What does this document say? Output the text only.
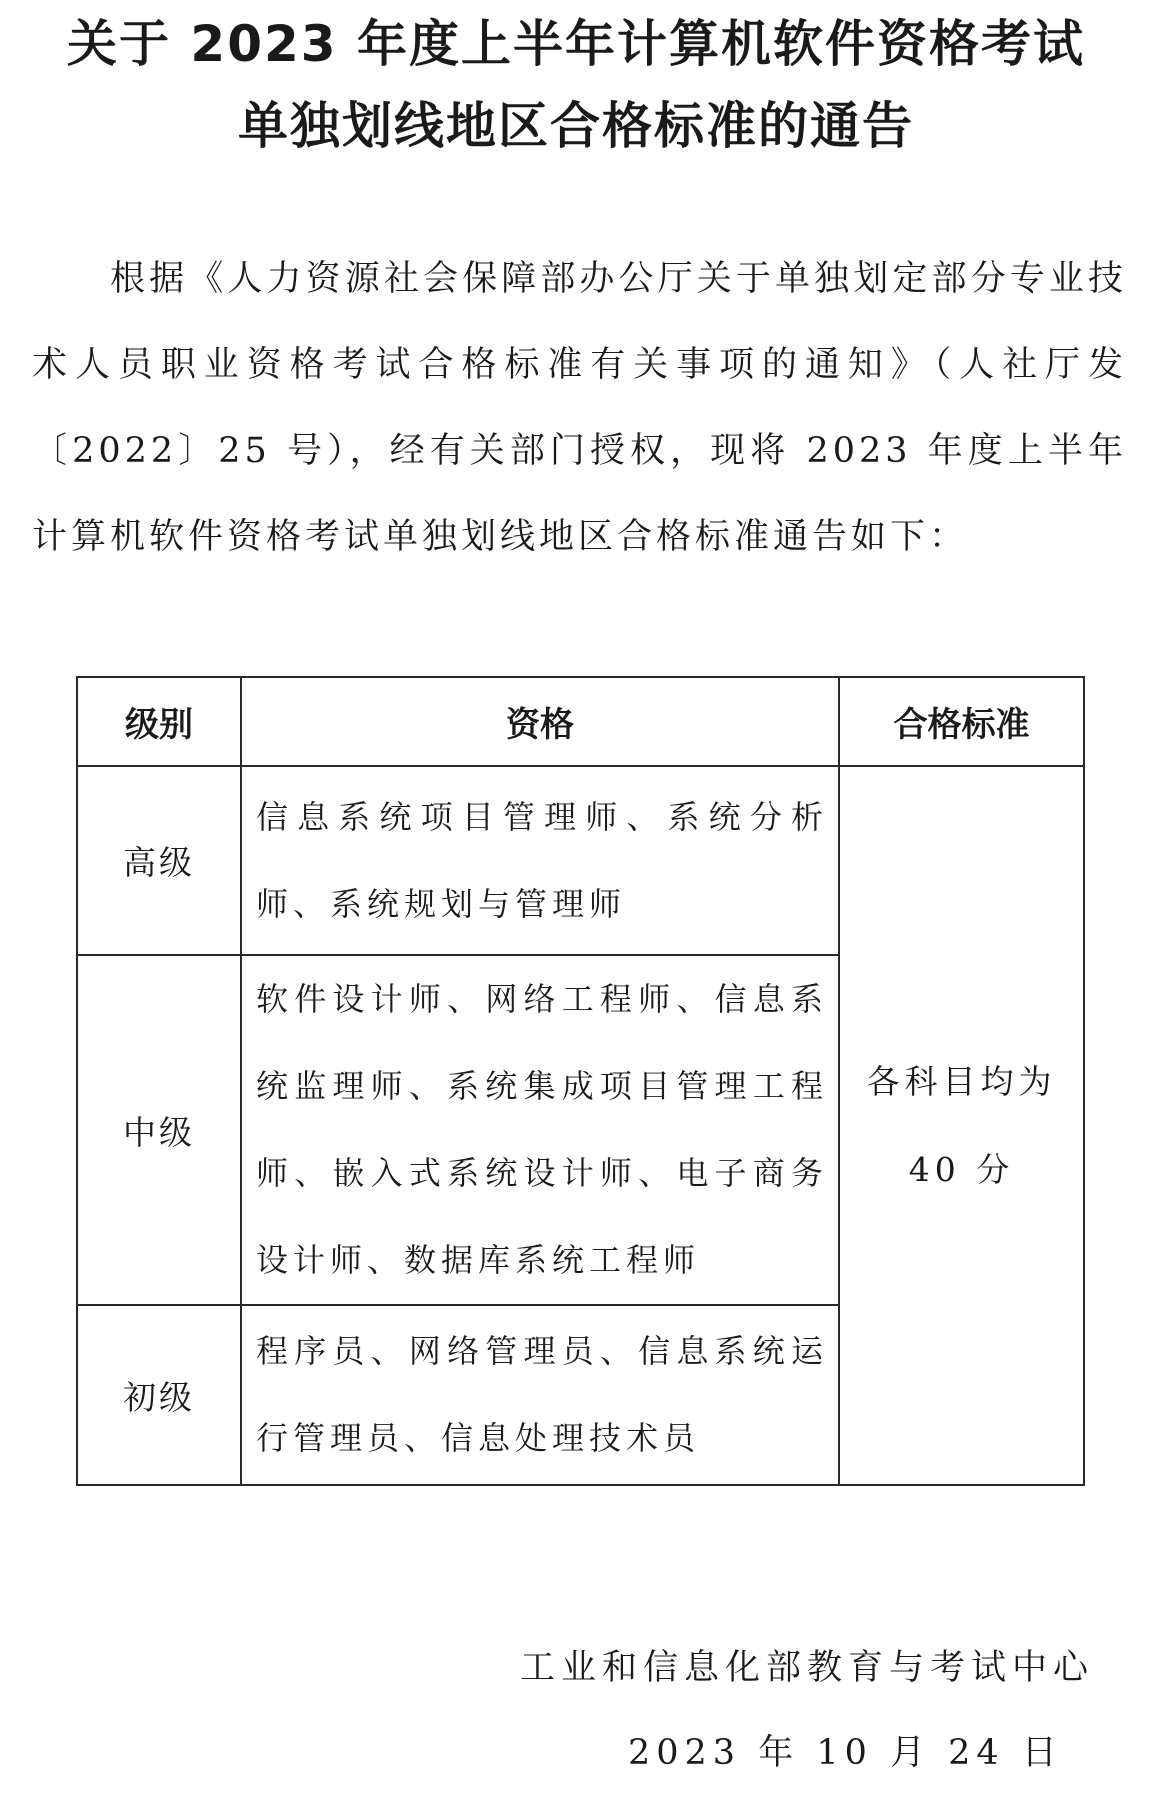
关于 2023 年度上半年计算机软件资格考试
单独划线地区合格标准的通告

根据《人力资源社会保障部办公厅关于单独划定部分专业技术人员职业资格考试合格标准有关事项的通知》（人社厅发〔2022〕25 号），经有关部门授权，现将 2023 年度上半年计算机软件资格考试单独划线地区合格标准通告如下：

级别	资格	合格标准
高级	信息系统项目管理师、系统分析师、系统规划与管理师	各科目均为 40 分
中级	软件设计师、网络工程师、信息系统监理师、系统集成项目管理工程师、嵌入式系统设计师、电子商务设计师、数据库系统工程师	
初级	程序员、网络管理员、信息系统运行管理员、信息处理技术员	

工业和信息化部教育与考试中心

2023 年 10 月 24 日
